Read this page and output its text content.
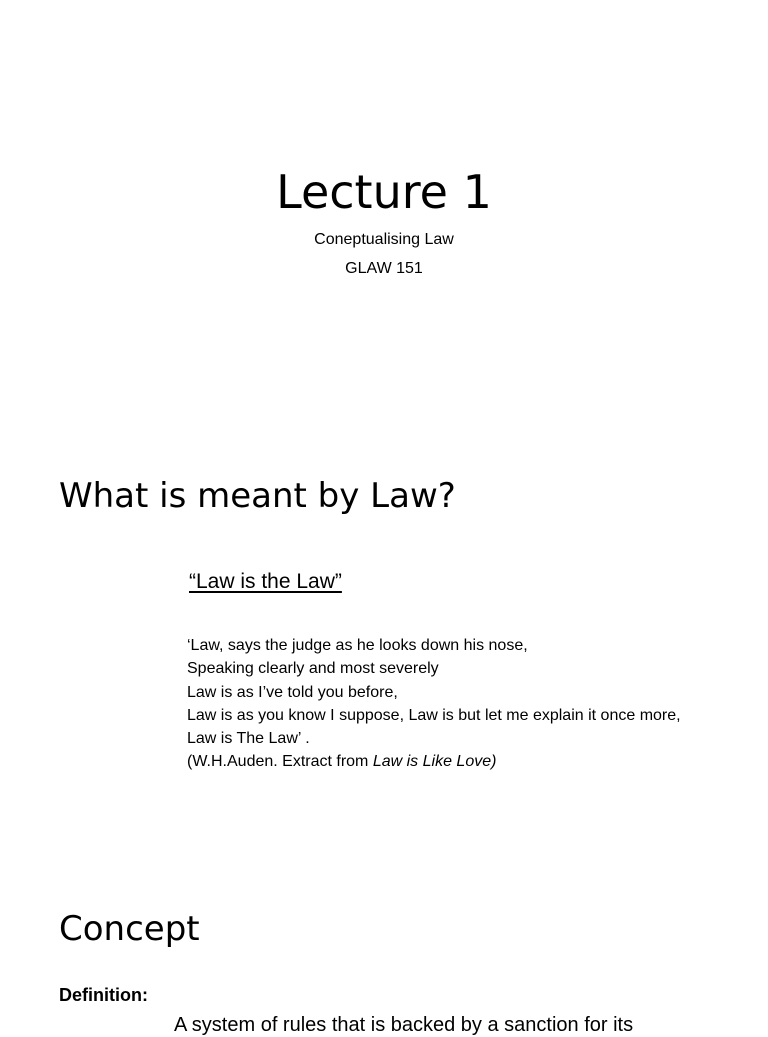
Lecture 1
Coneptualising Law
GLAW 151
What is meant by Law?
“Law is the Law”
‘Law, says the judge as he looks down his nose,
Speaking clearly and most severely
Law is as I’ve told you before,
Law is as you know I suppose, Law is but let me explain it once more,
Law is The Law’ .
(W.H.Auden. Extract from Law is Like Love)
Concept
Definition:
A system of rules that is backed by a sanction for its
